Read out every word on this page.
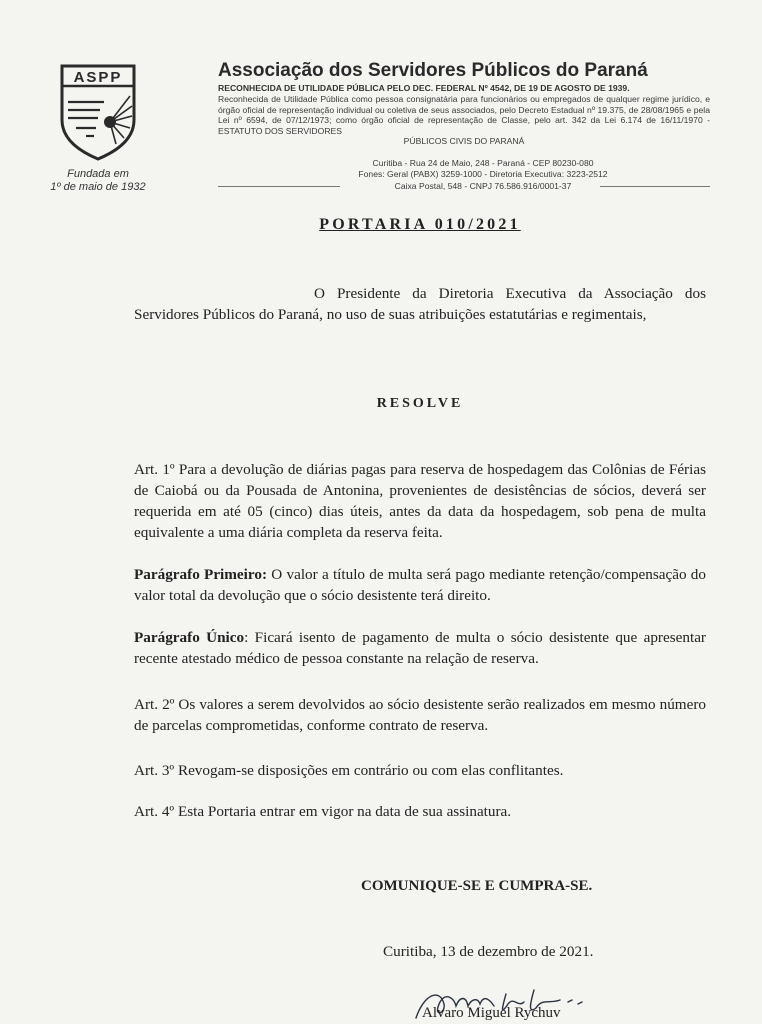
ASPP
Fundada em
1º de maio de 1932
Associação dos Servidores Públicos do Paraná
RECONHECIDA DE UTILIDADE PÚBLICA PELO DEC. FEDERAL Nº 4542, DE 19 DE AGOSTO DE 1939.
Reconhecida de Utilidade Pública como pessoa consignatária para funcionários ou empregados de qualquer regime jurídico, e órgão oficial de representação individual ou coletiva de seus associados, pelo Decreto Estadual nº 19.375, de 28/08/1965 e pela Lei nº 6594, de 07/12/1973; como órgão oficial de representação de Classe, pelo art. 342 da Lei 6.174 de 16/11/1970 - ESTATUTO DOS SERVIDORES
PÚBLICOS CIVIS DO PARANÁ
Curitiba - Rua 24 de Maio, 248 - Paraná - CEP 80230-080
Fones: Geral (PABX) 3259-1000 - Diretoria Executiva: 3223-2512
Caixa Postal, 548 - CNPJ 76.586.916/0001-37
PORTARIA 010/2021
O Presidente da Diretoria Executiva da Associação dos Servidores Públicos do Paraná, no uso de suas atribuições estatutárias e regimentais,
RESOLVE
Art. 1º Para a devolução de diárias pagas para reserva de hospedagem das Colônias de Férias de Caiobá ou da Pousada de Antonina, provenientes de desistências de sócios, deverá ser requerida em até 05 (cinco) dias úteis, antes da data da hospedagem, sob pena de multa equivalente a uma diária completa da reserva feita.
Parágrafo Primeiro: O valor a título de multa será pago mediante retenção/compensação do valor total da devolução que o sócio desistente terá direito.
Parágrafo Único: Ficará isento de pagamento de multa o sócio desistente que apresentar recente atestado médico de pessoa constante na relação de reserva.
Art. 2º Os valores a serem devolvidos ao sócio desistente serão realizados em mesmo número de parcelas comprometidas, conforme contrato de reserva.
Art. 3º Revogam-se disposições em contrário ou com elas conflitantes.
Art. 4º Esta Portaria entrar em vigor na data de sua assinatura.
COMUNIQUE-SE E CUMPRA-SE.
Curitiba, 13 de dezembro de 2021.
Alvaro Miguel Rychuv
